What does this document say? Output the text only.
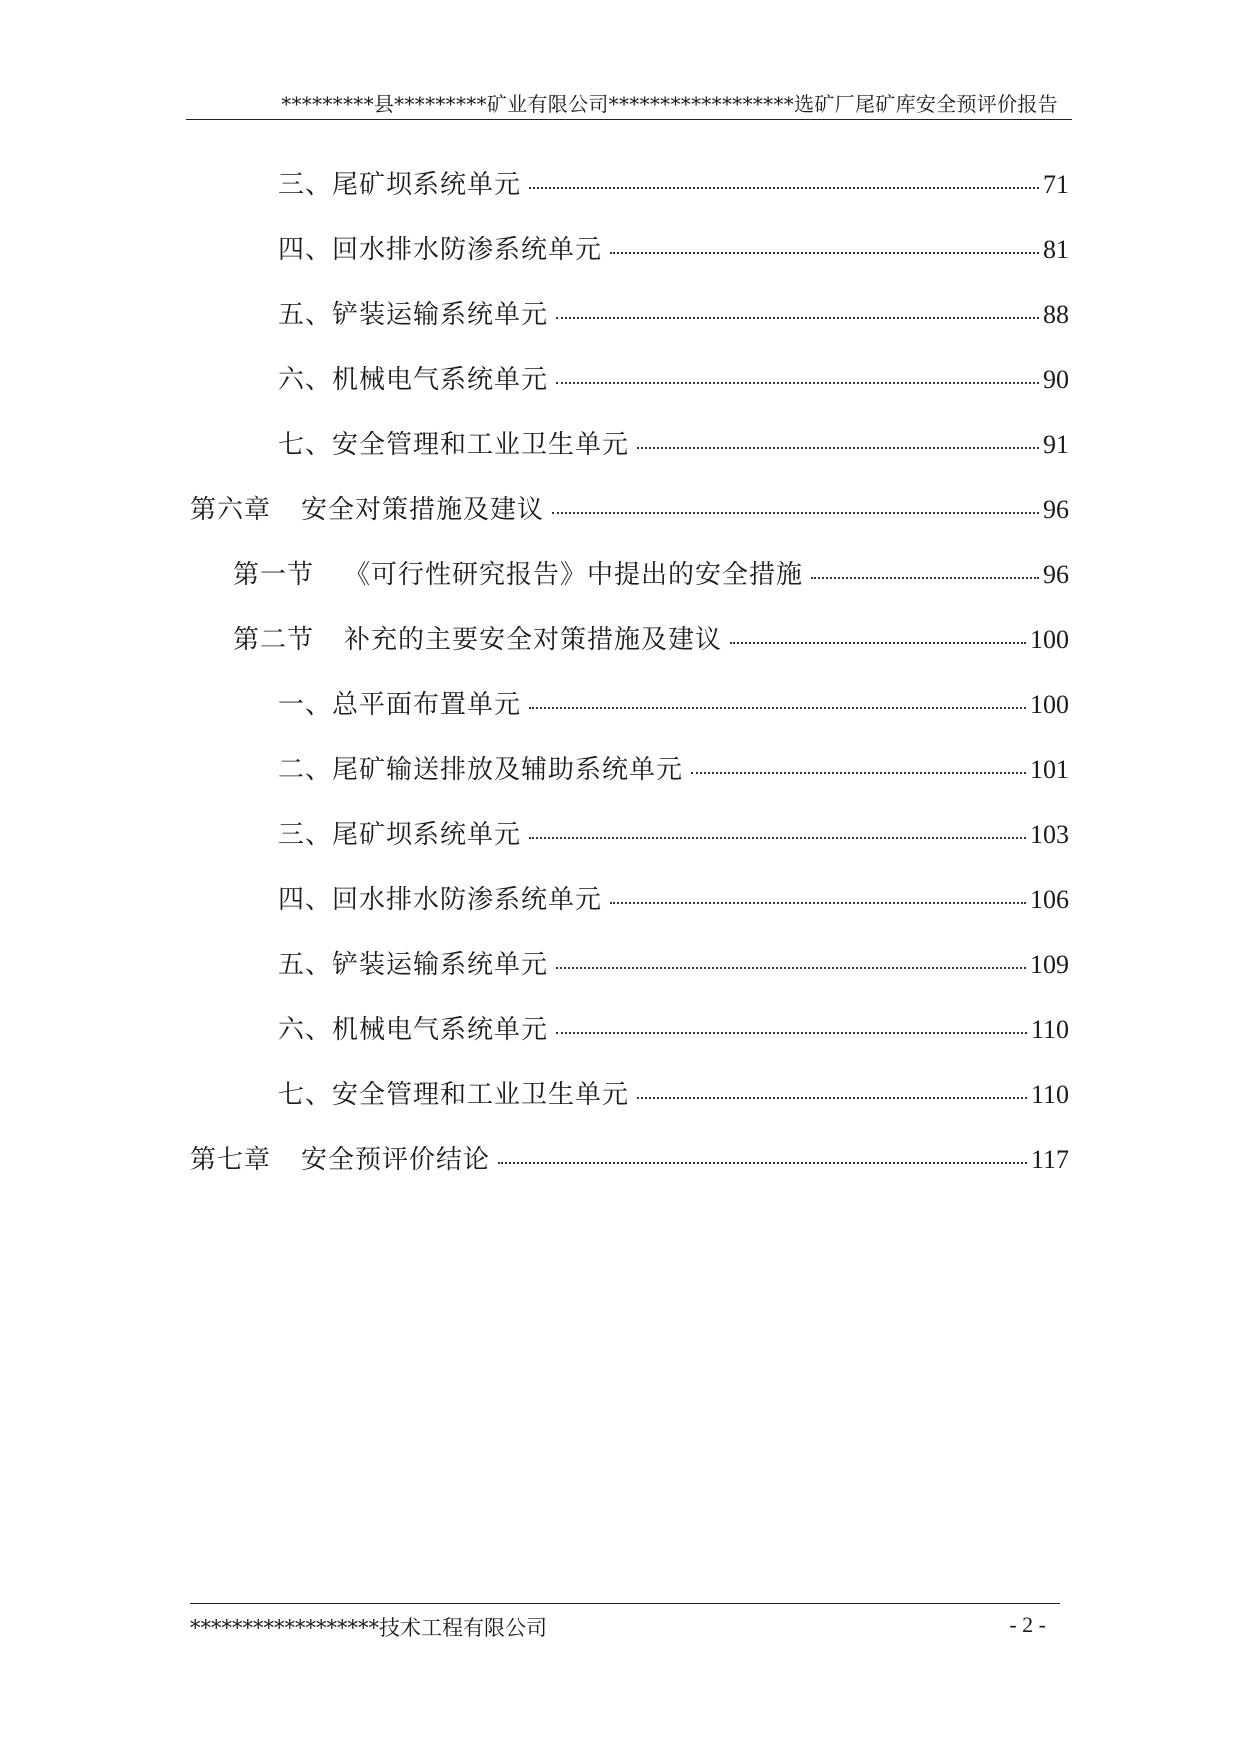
*********县*********矿业有限公司******************选矿厂尾矿库安全预评价报告
三、尾矿坝系统单元	71
四、回水排水防渗系统单元	81
五、铲装运输系统单元	88
六、机械电气系统单元	90
七、安全管理和工业卫生单元	91
第六章 安全对策措施及建议	96
第一节 《可行性研究报告》中提出的安全措施	96
第二节 补充的主要安全对策措施及建议	100
一、总平面布置单元	100
二、尾矿输送排放及辅助系统单元	101
三、尾矿坝系统单元	103
四、回水排水防渗系统单元	106
五、铲装运输系统单元	109
六、机械电气系统单元	110
七、安全管理和工业卫生单元	110
第七章 安全预评价结论	117
******************技术工程有限公司	- 2 -
